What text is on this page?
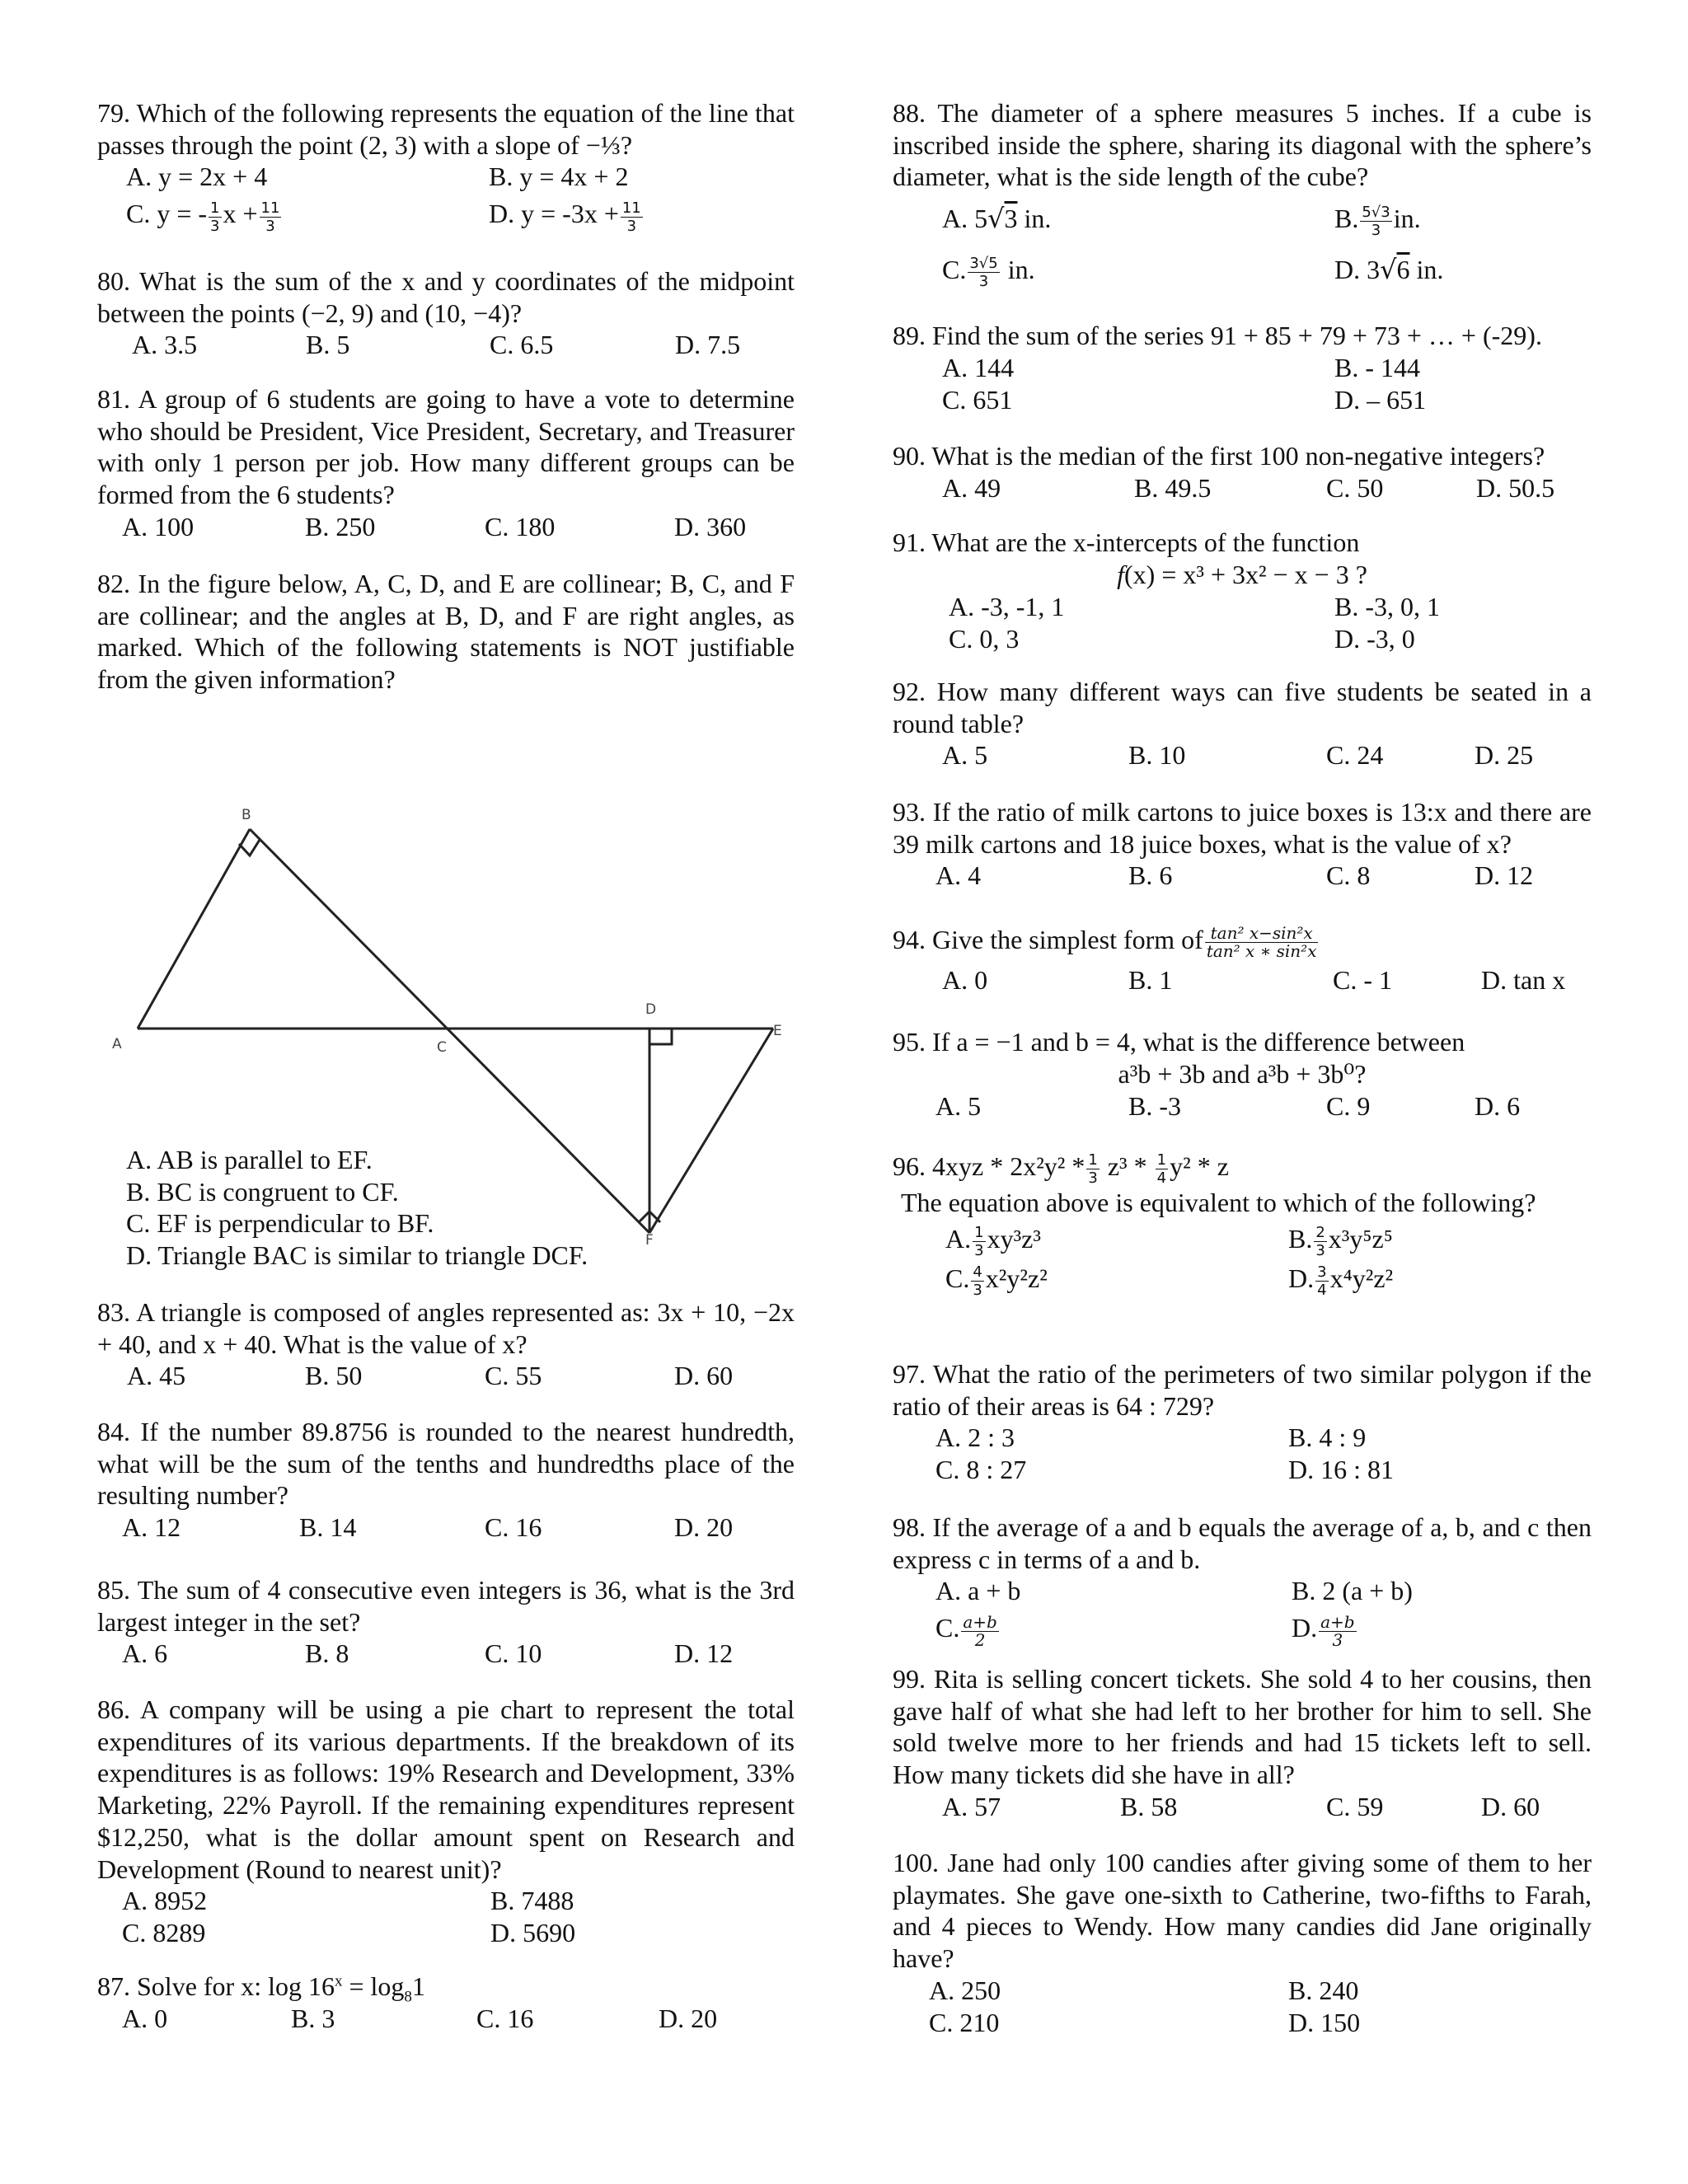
79. Which of the following represents the equation of the line that passes through the point (2, 3) with a slope of −⅓?

A. y = 2x + 4	B. y = 4x + 2
C. y = - $\frac{1}{3}$ $x + \frac{11}{3}$	D. $y = -3x + \frac{11}{3}$

80. What is the sum of the x and y coordinates of the midpoint between the points (−2, 9) and (10, −4)?

A. 3.5	B. 5	C. 6.5	D. 7.5

81. A group of 6 students are going to have a vote to determine who should be President, Vice President, Secretary, and Treasurer with only 1 person per job. How many different groups can be formed from the 6 students?

A. 100	B. 250	C. 180	D. 360

82. In the figure below, A, C, D, and E are collinear; B, C, and F are collinear; and the angles at B, D, and F are right angles, as marked. Which of the following statements is NOT justifiable from the given information?

B
A	C
D
E
F
A. AB is parallel to EF.
B. BC is congruent to CF.
C. EF is perpendicular to BF.
D. Triangle BAC is similar to triangle DCF.

83. A triangle is composed of angles represented as: 3x + 10, −2x + 40, and x + 40. What is the value of x?

A. 45	B. 50	C. 55	D. 60

84. If the number 89.8756 is rounded to the nearest hundredth, what will be the sum of the tenths and hundredths place of the resulting number?

A. 12	B. 14	C. 16	D. 20

85. The sum of 4 consecutive even integers is 36, what is the 3rd largest integer in the set?

A. 6	B. 8	C. 10	D. 12

86. A company will be using a pie chart to represent the total expenditures of its various departments. If the breakdown of its expenditures is as follows: 19% Research and Development, 33% Marketing, 22% Payroll. If the remaining expenditures represent $12,250, what is the dollar amount spent on Research and Development (Round to nearest unit)?

A. 8952	B. 7488
C. 8289	D. 5690

87. Solve for x: $\log 16^x = \log_81$

A. 0	B. 3	C. 16	D. 20

88. The diameter of a sphere measures 5 inches. If a cube is inscribed inside the sphere, sharing its diagonal with the sphere’s diameter, what is the side length of the cube?

A. 5√3 in.	B. $\frac{5√3}{3}$ in.
C. $\frac{3√5}{3}$ in.	D. 3√6 in.

89. Find the sum of the series 91 + 85 + 79 + 73 + … + (-29).

A. 144	B. - 144
C. 651	D. – 651

90. What is the median of the first 100 non-negative integers?

A. 49	B. 49.5	C. 50	D. 50.5

91. What are the x-intercepts of the function

f(x) = x³ + 3x² − x − 3 ?
A. -3, -1, 1	B. -3, 0, 1
C. 0, 3	D. -3, 0

92. How many different ways can five students be seated in a round table?

A. 5	B. 10	C. 24	D. 25

93. If the ratio of milk cartons to juice boxes is 13:x and there are 39 milk cartons and 18 juice boxes, what is the value of x?

A. 4	B. 6	C. 8	D. 12
94. Give the simplest form of $\frac{\text{tan² x−sin²x}}{\text{tan² x ∗ sin²x}}$
A. 0	B. 1	C. - 1	D. tan x

95. If a = −1 and b = 4, what is the difference between

a³b + 3b and a³b + 3b⁰?
A. 5	B. -3	C. 9	D. 6
96. $4xyz * 2x^2y^2 * \frac{1}{3} z^3 * \frac{1}{4} y^2$ * z

The equation above is equivalent to which of the following?

A. $\frac{1}{3} xy^3z^3$	B. $\frac{2}{3} x^3y^5z^5$
C. $\frac{4}{3} x^2y^2z^2$	D. $\frac{3}{4} x^4y^2z^2$

97. What the ratio of the perimeters of two similar polygon if the ratio of their areas is 64 : 729?

A. 2 : 3	B. 4 : 9
C. 8 : 27	D. 16 : 81

98. If the average of a and b equals the average of a, b, and c then express c in terms of a and b.

A. a + b	B. 2 (a + b)
C. $\frac{a+b}{2}$	D. $\frac{a+b}{3}$

99. Rita is selling concert tickets. She sold 4 to her cousins, then gave half of what she had left to her brother for him to sell. She sold twelve more to her friends and had 15 tickets left to sell. How many tickets did she have in all?

A. 57	B. 58	C. 59	D. 60

100. Jane had only 100 candies after giving some of them to her playmates. She gave one-sixth to Catherine, two-fifths to Farah, and 4 pieces to Wendy. How many candies did Jane originally have?

A. 250	B. 240
C. 210	D. 150
